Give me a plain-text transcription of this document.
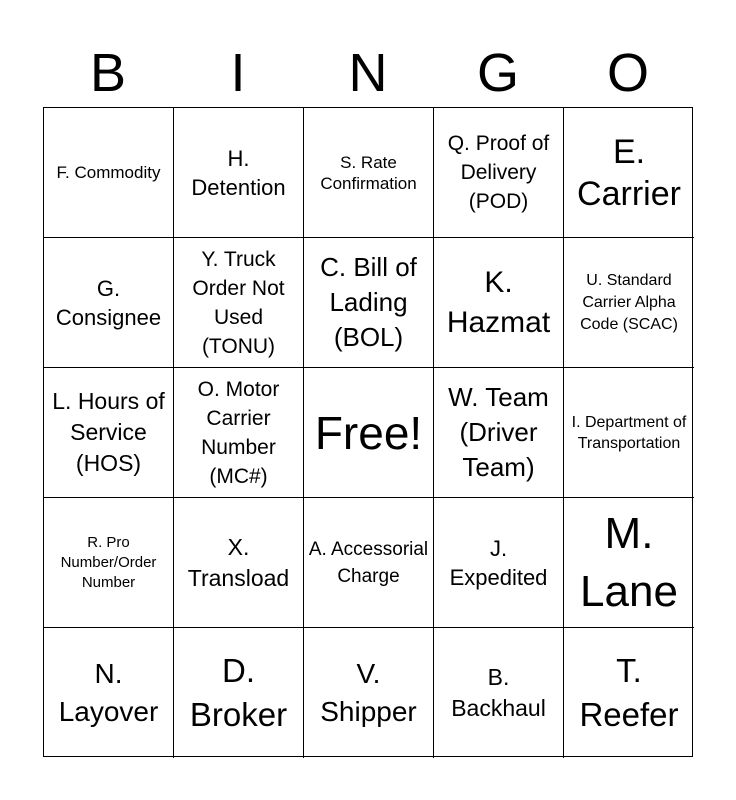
B	I	N	G	O
F. Commodity
H. Detention
S. Rate Confirmation
Q. Proof of Delivery (POD)
E. Carrier
G. Consignee
Y. Truck Order Not Used (TONU)
C. Bill of Lading (BOL)
K. Hazmat
U. Standard Carrier Alpha Code (SCAC)
L. Hours of Service (HOS)
O. Motor Carrier Number (MC#)
Free!
W. Team (Driver Team)
I. Department of Transportation
R. Pro Number/Order Number
X. Transload
A. Accessorial Charge
J. Expedited
M. Lane
N. Layover
D. Broker
V. Shipper
B. Backhaul
T. Reefer
